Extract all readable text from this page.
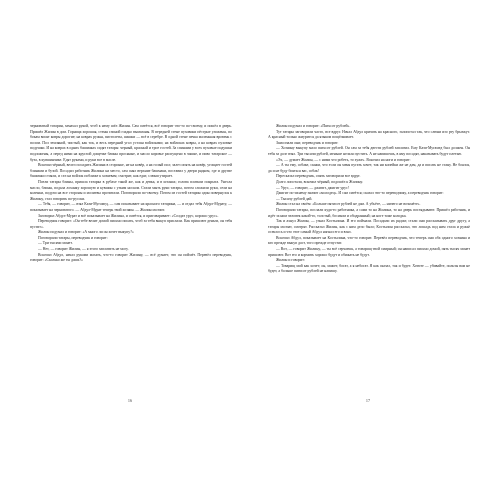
черноватый татарин, замахал рукой, чтоб к нему шёл Жилин. Сам смеётся, всё говорит что-то по-своему, и пошёл в дверь. Пришёл Жилин в дом. Горница хорошая, стены глиной гладко вымазаны. В передней стене пуховики пёстрые уложены, по бокам висят ковры дорогие; на коврах ружья, пистолеты, шашки — всё в серебре. В одной стене печка маленькая вровень с полом. Пол земляной, чистый, как ток, и весь передний угол устлан войлоками; на войлоках ковры, а на коврах пуховые подушки. И на коврах в одних башмаках сидят татары: черный, красный и трое гостей. За спинами у всех пуховые подушки подложены, а перед ними на круглой дощечке блины просяные, и масло коровье распущено в чашке, и пиво татарское — буза, в кувшинчике. Едят руками, и руки все в масле.

Вскочил чёрный, велел посадить Жилина в сторонке, не на ковёр, а на голый пол; залез опять на ковёр, угощает гостей блинами и бузой. Посадил работник Жилина на место, сам снял верхние башмаки, поставил у двери рядком, где и другие башмаки стояли, и сел на войлок поближе к хозяевам; смотрит, как едят, слюни утирает.

Поели татары блины, пришла татарка в рубахе такой же, как и девка, и в штанах; голова платком покрыта. Унесла масло, блины, подала лоханку хорошую и кувшин с узким носком. Стали мыть руки татары, потом сложили руки, сели на коленки, подули на все стороны и молитвы прочитали. Поговорили по-своему. Потом из гостей татарин один повернулся к Жилину, стал говорить по-русски.

— Тебя, — говорит, — взял Кази-Мугамед, — сам показывает на красного татарина, — и отдал тебя Абдул-Мурату, — показывает на черноватого. — Абдул-Мурат теперь твой хозяин. — Жилин молчит.

Заговорил Абдул-Мурат и всё показывает на Жилина, и смеётся, и приговаривает: «Солдат урус, корошо урус».

Переводчик говорит: «Он тебе велит домой письмо писать, чтоб за тебя выкуп прислали. Как пришлют деньги, он тебя пустит».

Жилин подумал и говорит: «А много ли он хочет выкупу?»

Поговорили татары, переводчик и говорит:

— Три тысячи монет.

— Нет, — говорит Жилин, — я этого заплатить не могу.

Вскочил Абдул, начал руками махать, что-то говорит Жилину, — всё думает, что он поймёт. Перевёл переводчик, говорит: «Сколько же ты дашь?»

16

Жилин подумал и говорит: «Пятьсот рублей».

Тут татары заговорили часто, все вдруг. Начал Абдул кричать на красного, залопотал так, что слюни изо рту брызжут. А красный только жмурится да языком пощёлкивает.

Замолчали они; переводчик и говорит:

— Хозяину выкупу мало пятьсот рублей. Он сам за тебя двести рублей заплатил. Ему Кази-Мугамед был должен. Он тебя за долг взял. Три тысячи рублей, меньше нельзя пустить. А не напишешь, в яму посадят, наказывать будут плетью.

«Эх, — думает Жилин, — с ними что робеть, то хуже». Вскочил на ноги и говорит:

— А ты ему, собаке, скажи, что если он меня пугать хочет, так ни копейки же не дам, да и писать не стану. Не боялся, да и не буду бояться вас, собак!

Пересказал переводчик, опять заговорили все вдруг.

Долго лопотали, вскочил чёрный, подошёл к Жилину.

— Урус, — говорит, — джигит, джигит урус!

Джигит по-ихнему значит «молодец». И сам смеётся; сказал что-то переводчику, а переводчик говорит:

— Тысячу рублей дай.

Жилин стал на своём: «Больше пятисот рублей не дам. А убьёте, — ничего не возьмёте».

Поговорили татары, послали куда-то работника, а сами то на Жилина, то на дверь поглядывают. Пришёл работник, и идёт за ним человек какой-то, толстый, босиком и ободранный; на ноге тоже колодка.

Так и ахнул Жилин, — узнал Костылина. И его поймали. Посадили их рядом; стали они рассказывать друг другу, а татары молчат, смотрят. Рассказал Жилин, как с ним дело было; Костылин рассказал, что лошадь под ним стала и ружьё осеклось и что этот самый Абдул нагнал его и взял.

Вскочил Абдул, показывает на Костылина, что-то говорит. Перевёл переводчик, что теперь они оба одного хозяина и кто прежде выкуп даст, того прежде отпустят.

— Вот, — говорит Жилину, — ты всё серчаешь, а товарищ твой смирный; он написал письмо домой, пять тысяч монет пришлют. Вот его и кормить хорошо будут и обижать не будут.

Жилин и говорит:

— Товарищ мой как хочет; он, может, богат, а я небогат. Я как сказал, так и будет. Хотите — убивайте, пользы вам не будет, а больше пятисот рублей не напишу.

17
